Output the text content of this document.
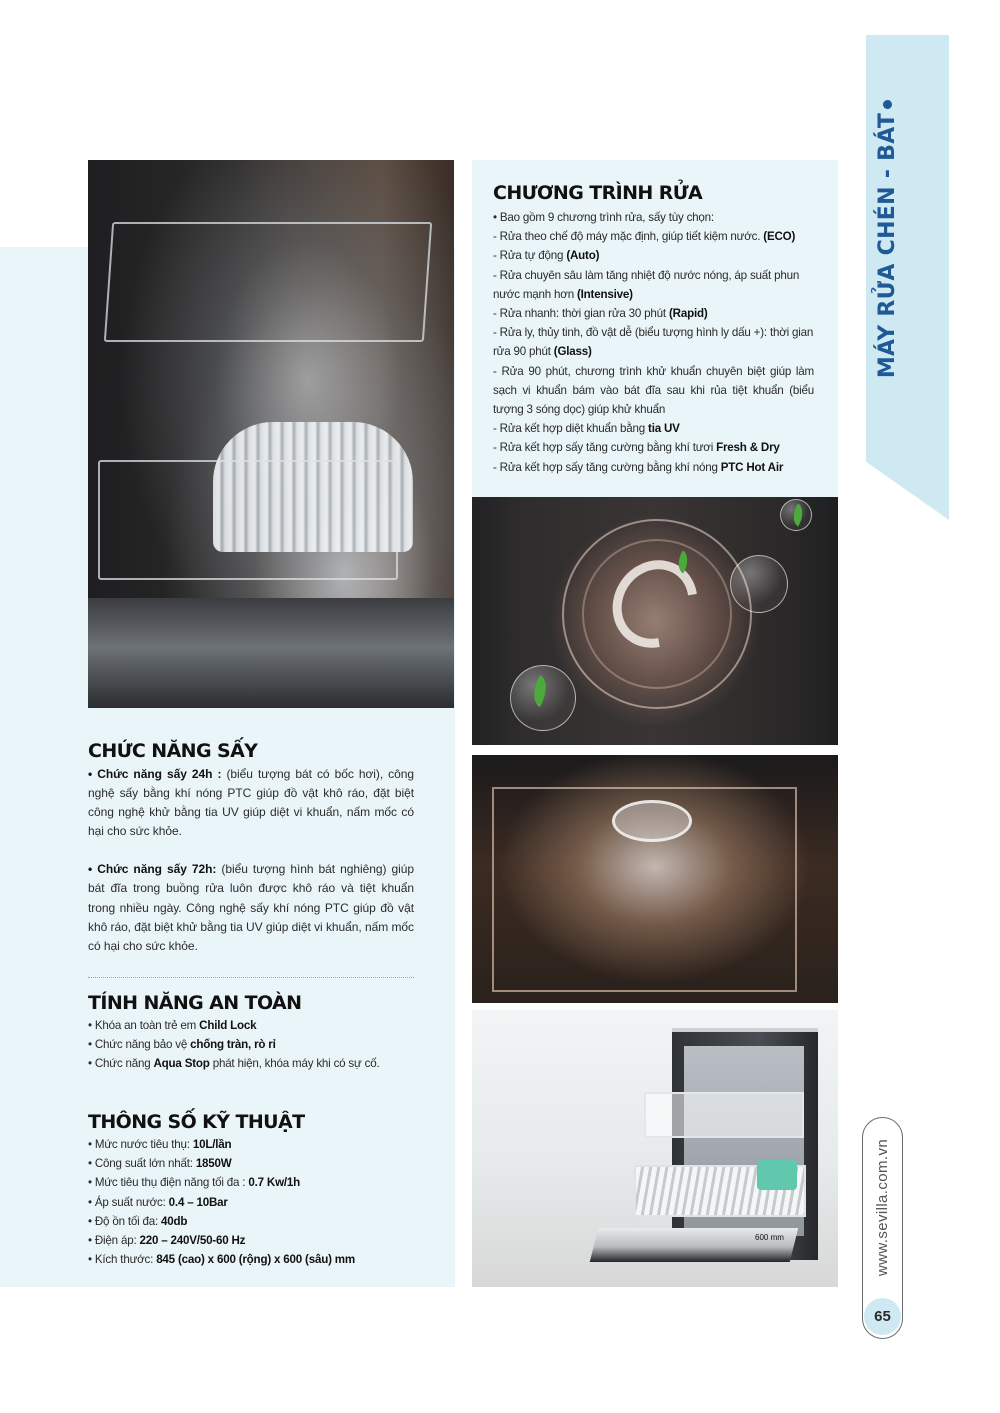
CHƯƠNG TRÌNH RỬA
• Bao gồm 9 chương trình rửa, sấy tùy chọn:
- Rửa theo chế độ máy mặc định, giúp tiết kiệm nước. (ECO)
- Rửa tự động (Auto)
- Rửa chuyên sâu làm tăng nhiệt độ nước nóng, áp suất phun nước mạnh hơn (Intensive)
- Rửa nhanh: thời gian rửa 30 phút (Rapid)
- Rửa ly, thủy tinh, đồ vật dễ (biểu tượng hình ly dấu +): thời gian rửa 90 phút (Glass)
- Rửa 90 phút, chương trình khử khuẩn chuyên biệt giúp làm sạch vi khuẩn bám vào bát đĩa sau khi rủa tiệt khuẩn (biểu tượng 3 sóng dọc) giúp khử khuẩn
- Rửa kết hợp diệt khuẩn bằng tia UV
- Rửa kết hợp sấy tăng cường bằng khí tươi Fresh & Dry
- Rửa kết hợp sấy tăng cường bằng khí nóng PTC Hot Air
600 mm
CHỨC NĂNG SẤY
• Chức năng sấy 24h : (biểu tượng bát có bốc hơi), công nghệ sấy bằng khí nóng PTC giúp đồ vật khô ráo, đặt biệt công nghệ khử bằng tia UV giúp diệt vi khuẩn, nấm mốc có hại cho sức khỏe.
• Chức năng sấy 72h: (biểu tượng hình bát nghiêng) giúp bát đĩa trong buồng rửa luôn được khô ráo và tiệt khuẩn trong nhiều ngày. Công nghệ sấy khí nóng PTC giúp đồ vật khô ráo, đặt biệt khử bằng tia UV giúp diệt vi khuẩn, nấm mốc có hại cho sức khỏe.
TÍNH NĂNG AN TOÀN
• Khóa an toàn trẻ em Child Lock
• Chức năng bảo vệ chống tràn, rò rỉ
• Chức năng Aqua Stop phát hiện, khóa máy khi có sự cố.
THÔNG SỐ KỸ THUẬT
• Mức nước tiêu thụ: 10L/lần
• Công suất lớn nhất: 1850W
• Mức tiêu thụ điện năng tối đa : 0.7 Kw/1h
• Áp suất nước: 0.4 – 10Bar
• Độ ồn tối đa: 40db
• Điện áp: 220 – 240V/50-60 Hz
• Kích thước: 845 (cao) x 600 (rộng) x 600 (sâu) mm
MÁY RỬA CHÉN - BÁT
www.sevilla.com.vn
65
